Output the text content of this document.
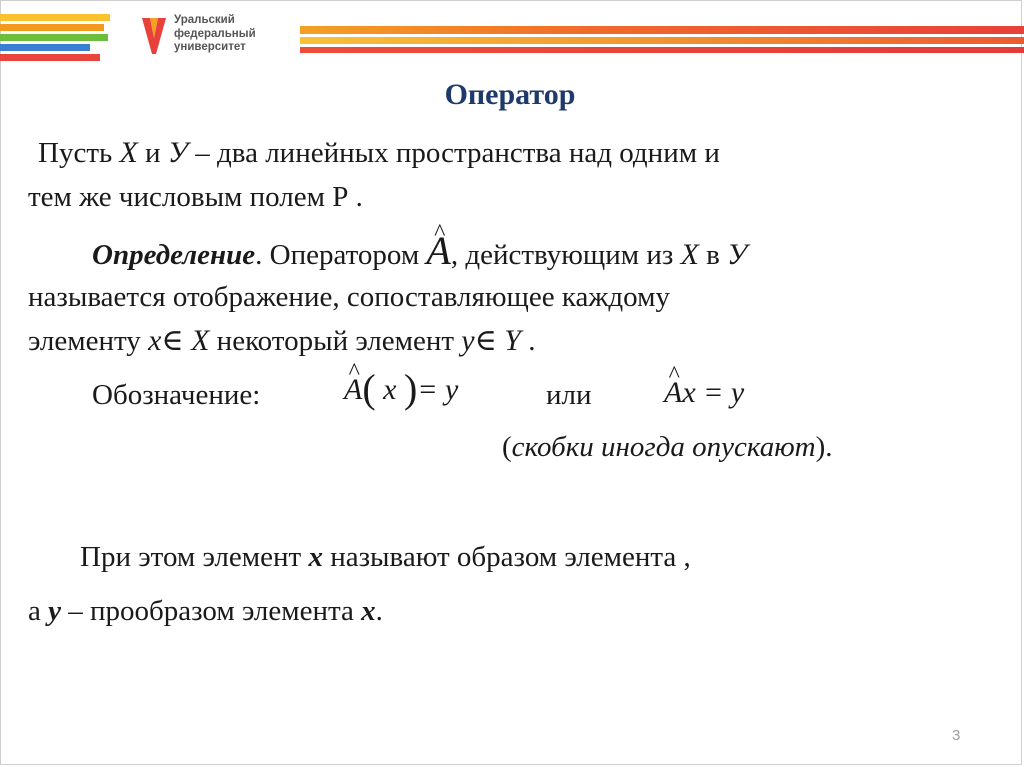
Уральский
федеральный
университет
Оператор
Пусть X и У – два линейных пространства над одним и
тем же числовым полем Р .
Определение. Оператором ^ A, действующим из X в У
называется отображение, сопоставляющее каждому
элементу x∈ X некоторый элемент y∈ Y .
Обозначение:	^ A( x )= y	или ^ Ax = y
(скобки иногда опускают).
При этом элемент x называют образом элемента ,
а y – прообразом элемента x.
3
